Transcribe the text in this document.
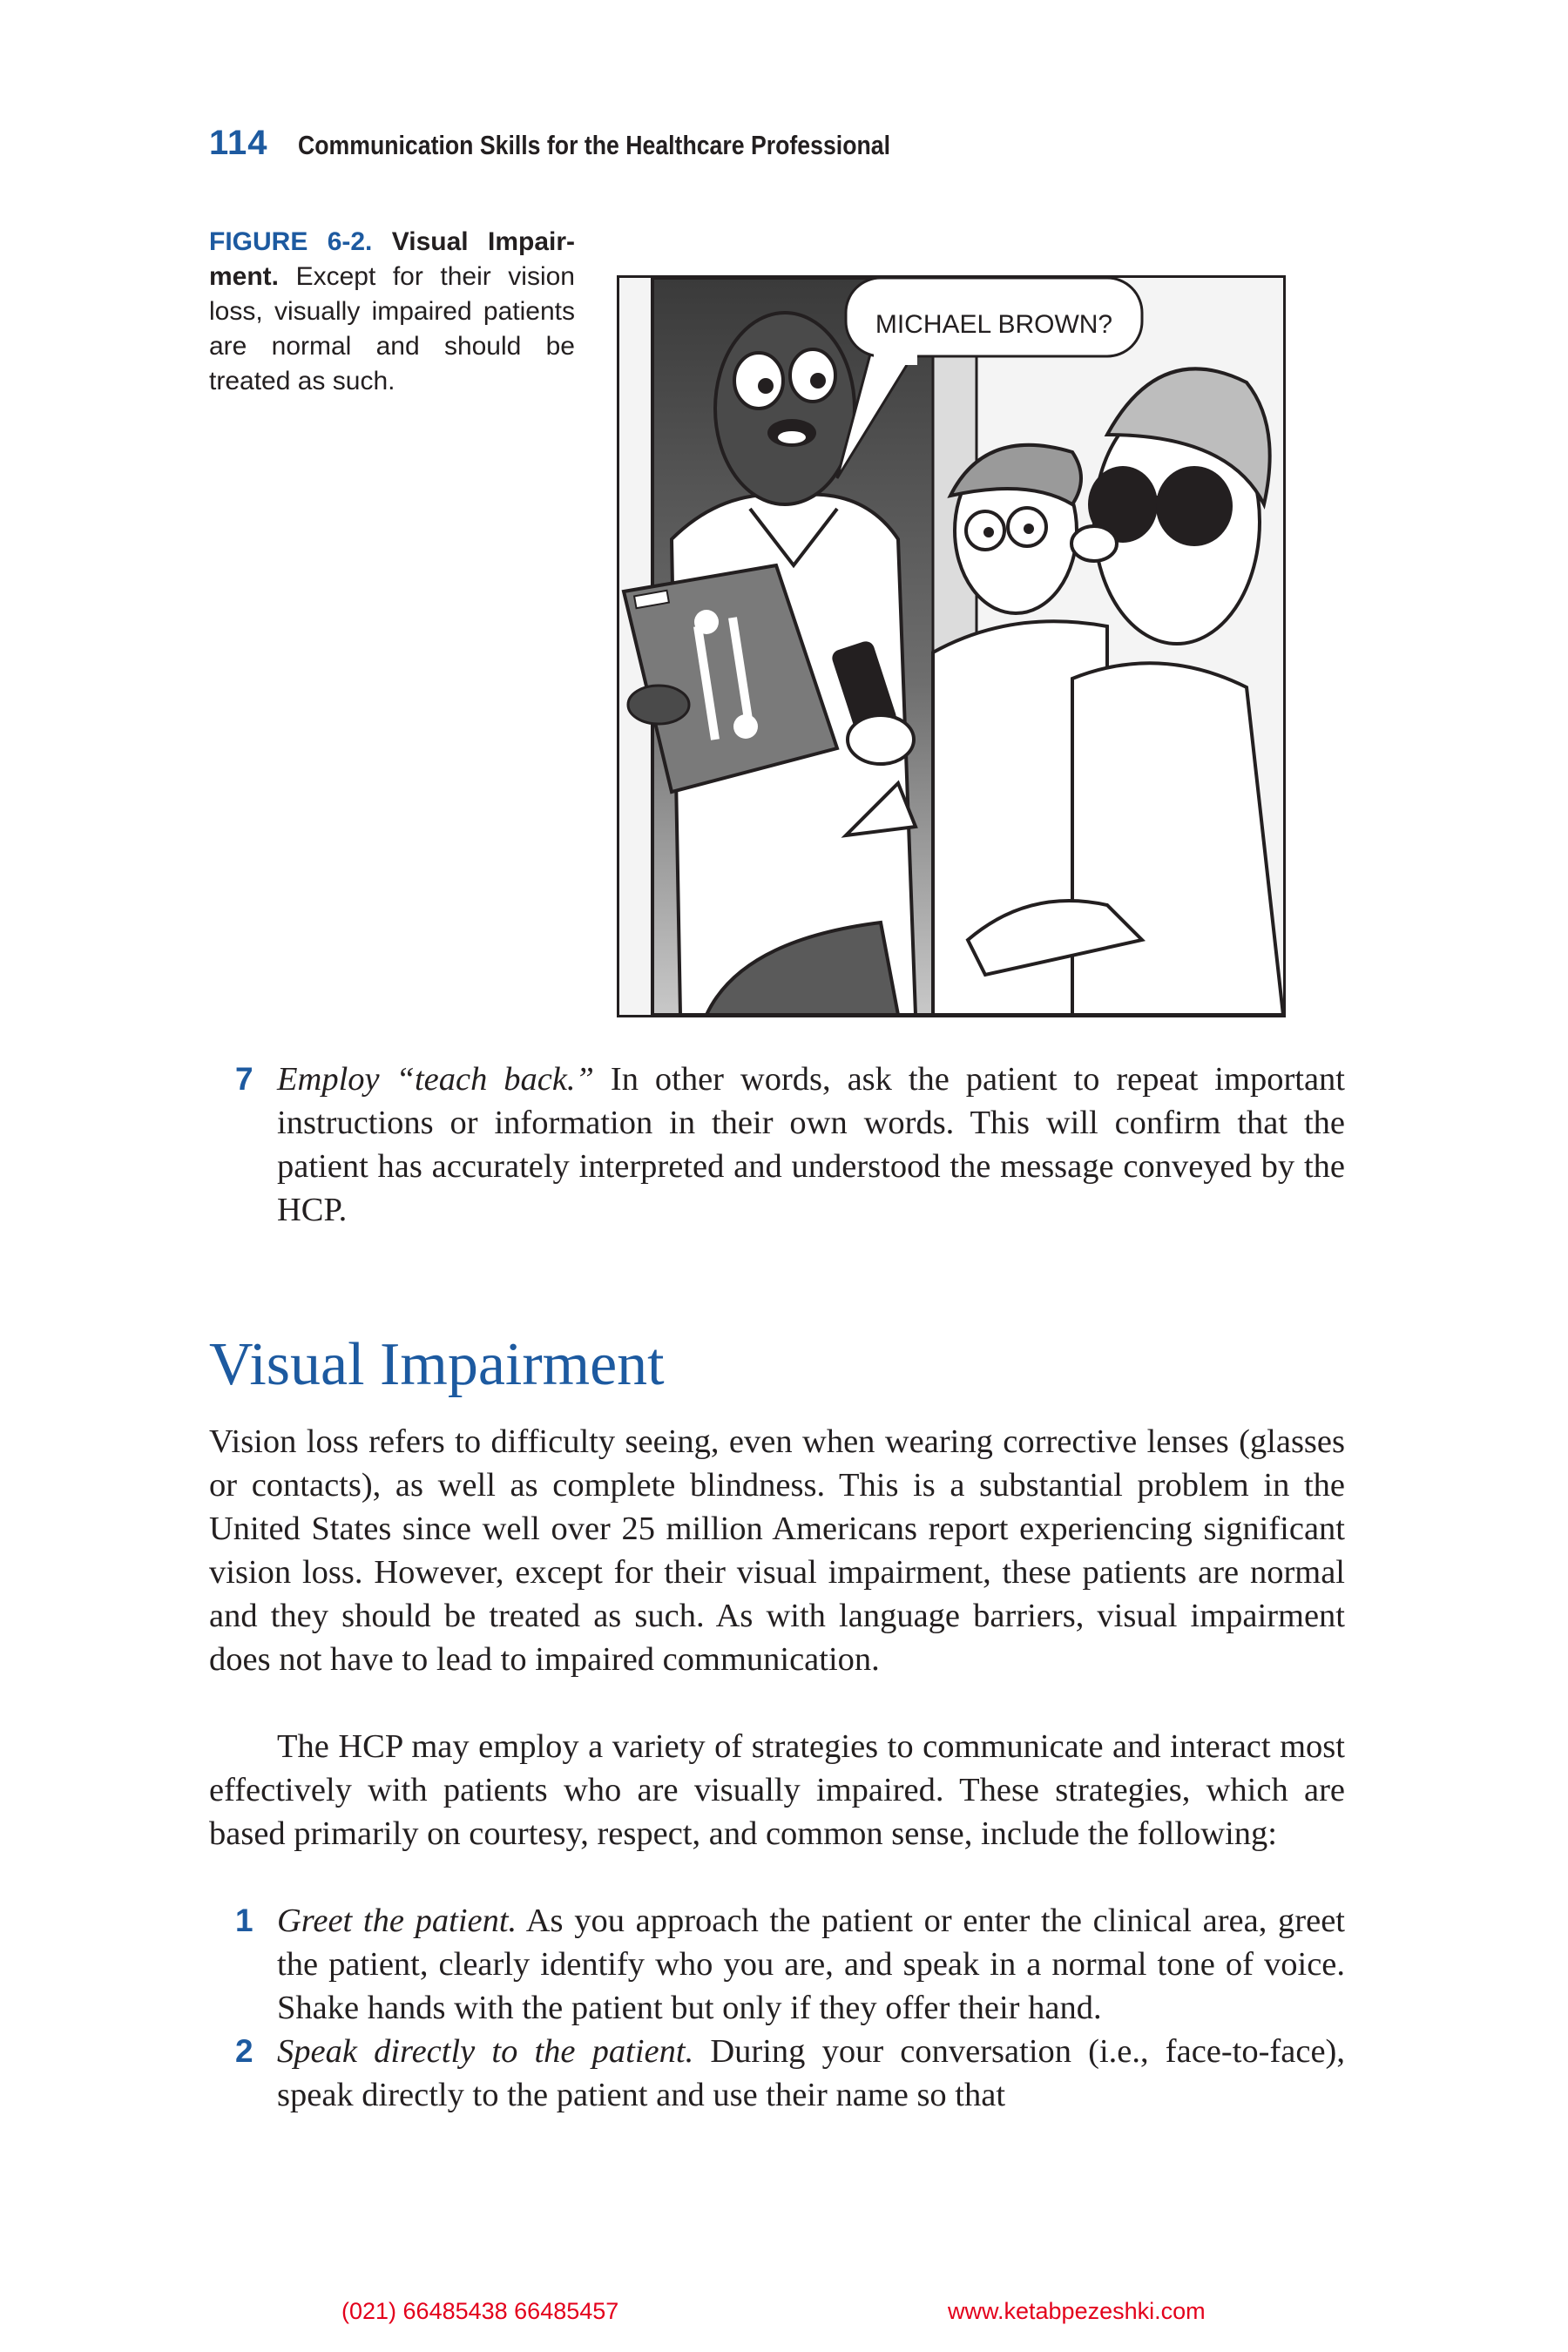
114 Communication Skills for the Healthcare Professional
FIGURE 6-2. Visual Impair-ment. Except for their vision loss, visually impaired patients are normal and should be treated as such.
MICHAEL BROWN?
7 Employ “teach back.” In other words, ask the patient to repeat important instructions or information in their own words. This will confirm that the patient has accurately interpreted and understood the message conveyed by the HCP.
Visual Impairment

Vision loss refers to difficulty seeing, even when wearing corrective lenses (glasses or contacts), as well as complete blindness. This is a substantial problem in the United States since well over 25 million Americans report experiencing significant vision loss. However, except for their visual impairment, these patients are normal and they should be treated as such. As with language barriers, visual impairment does not have to lead to impaired communication.

The HCP may employ a variety of strategies to communicate and interact most effectively with patients who are visually impaired. These strategies, which are based primarily on courtesy, respect, and common sense, include the following:

1 Greet the patient. As you approach the patient or enter the clinical area, greet the patient, clearly identify who you are, and speak in a normal tone of voice. Shake hands with the patient but only if they offer their hand.
2 Speak directly to the patient. During your conversation (i.e., face-to-face), speak directly to the patient and use their name so that
(021) 66485438 66485457	www.ketabpezeshki.com
